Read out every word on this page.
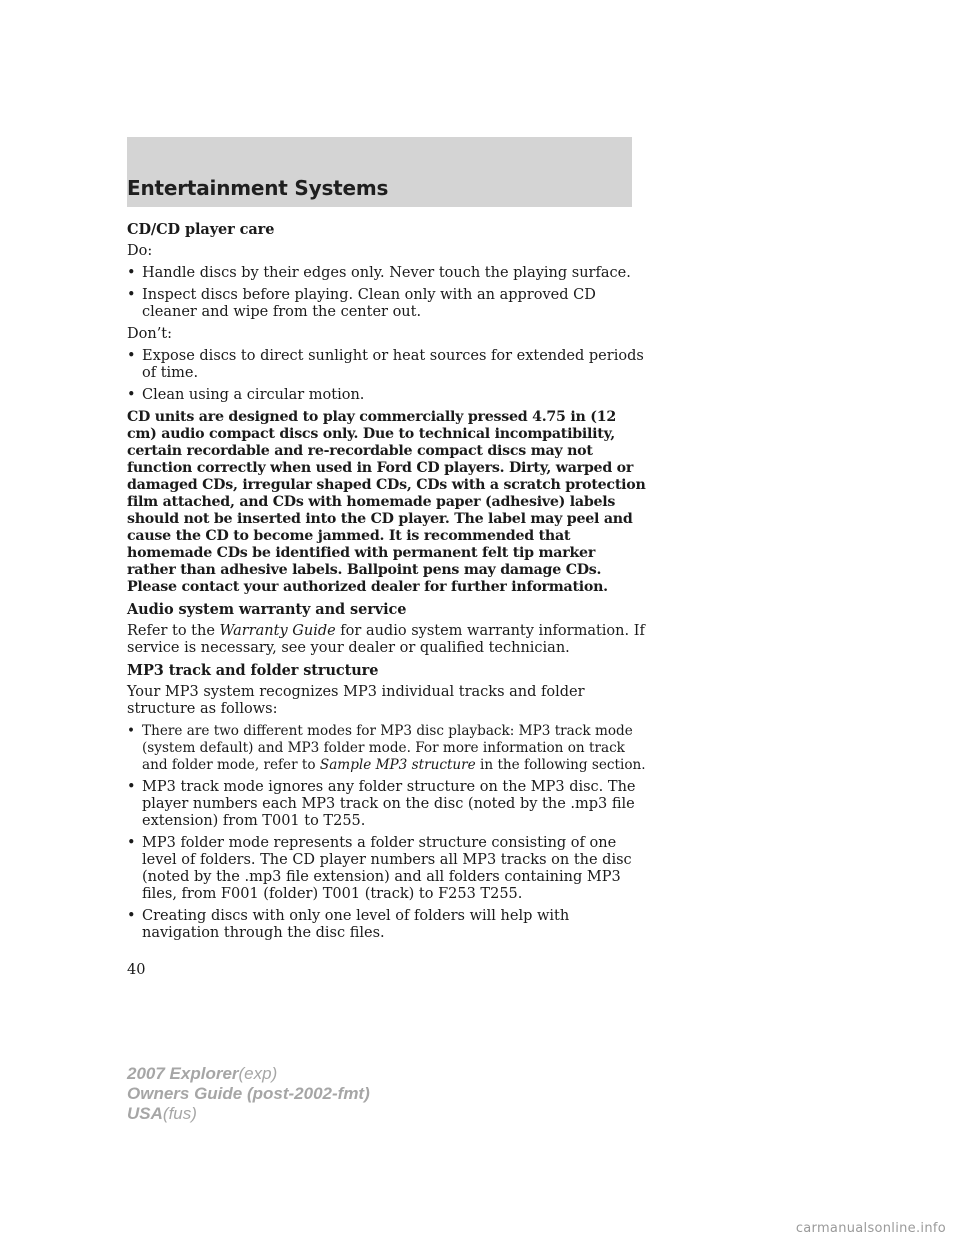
Entertainment Systems

CD/CD player care

Do:

• Handle discs by their edges only. Never touch the playing surface.
• Inspect discs before playing. Clean only with an approved CD cleaner and wipe from the center out.

Don’t:

• Expose discs to direct sunlight or heat sources for extended periods of time.
• Clean using a circular motion.

CD units are designed to play commercially pressed 4.75 in (12 cm) audio compact discs only. Due to technical incompatibility, certain recordable and re-recordable compact discs may not function correctly when used in Ford CD players. Dirty, warped or damaged CDs, irregular shaped CDs, CDs with a scratch protection film attached, and CDs with homemade paper (adhesive) labels should not be inserted into the CD player. The label may peel and cause the CD to become jammed. It is recommended that homemade CDs be identified with permanent felt tip marker rather than adhesive labels. Ballpoint pens may damage CDs. Please contact your authorized dealer for further information.

Audio system warranty and service

Refer to the Warranty Guide for audio system warranty information. If service is necessary, see your dealer or qualified technician.

MP3 track and folder structure

Your MP3 system recognizes MP3 individual tracks and folder structure as follows:

• There are two different modes for MP3 disc playback: MP3 track mode (system default) and MP3 folder mode. For more information on track and folder mode, refer to Sample MP3 structure in the following section.
• MP3 track mode ignores any folder structure on the MP3 disc. The player numbers each MP3 track on the disc (noted by the .mp3 file extension) from T001 to T255.
• MP3 folder mode represents a folder structure consisting of one level of folders. The CD player numbers all MP3 tracks on the disc (noted by the .mp3 file extension) and all folders containing MP3 files, from F001 (folder) T001 (track) to F253 T255.
• Creating discs with only one level of folders will help with navigation through the disc files.
40
2007 Explorer(exp)
Owners Guide (post-2002-fmt)
USA(fus)
carmanualsonline.info
